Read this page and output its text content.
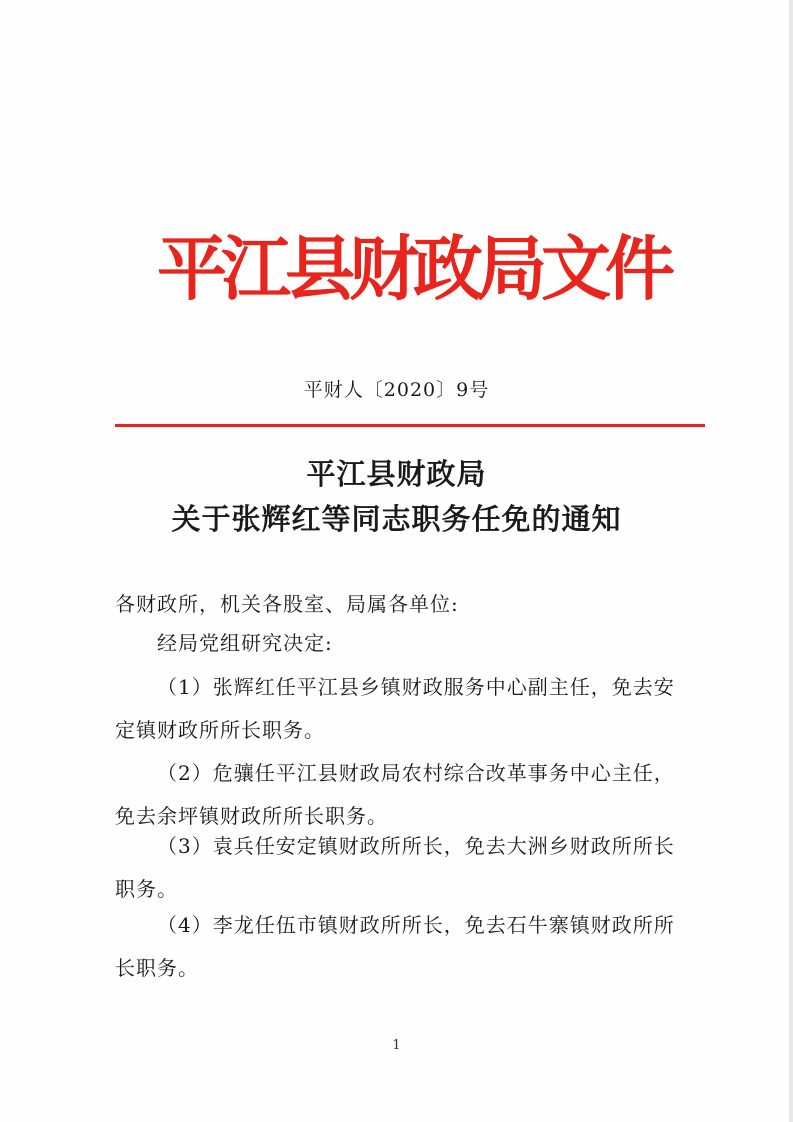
平江县财政局文件
平财人〔2020〕9号
平江县财政局
关于张辉红等同志职务任免的通知
各财政所，机关各股室、局属各单位:
经局党组研究决定:
（1）张辉红任平江县乡镇财政服务中心副主任，免去安定镇财政所所长职务。
（2）危骧任平江县财政局农村综合改革事务中心主任，免去余坪镇财政所所长职务。
（3）袁兵任安定镇财政所所长，免去大洲乡财政所所长职务。
（4）李龙任伍市镇财政所所长，免去石牛寨镇财政所所长职务。
1
